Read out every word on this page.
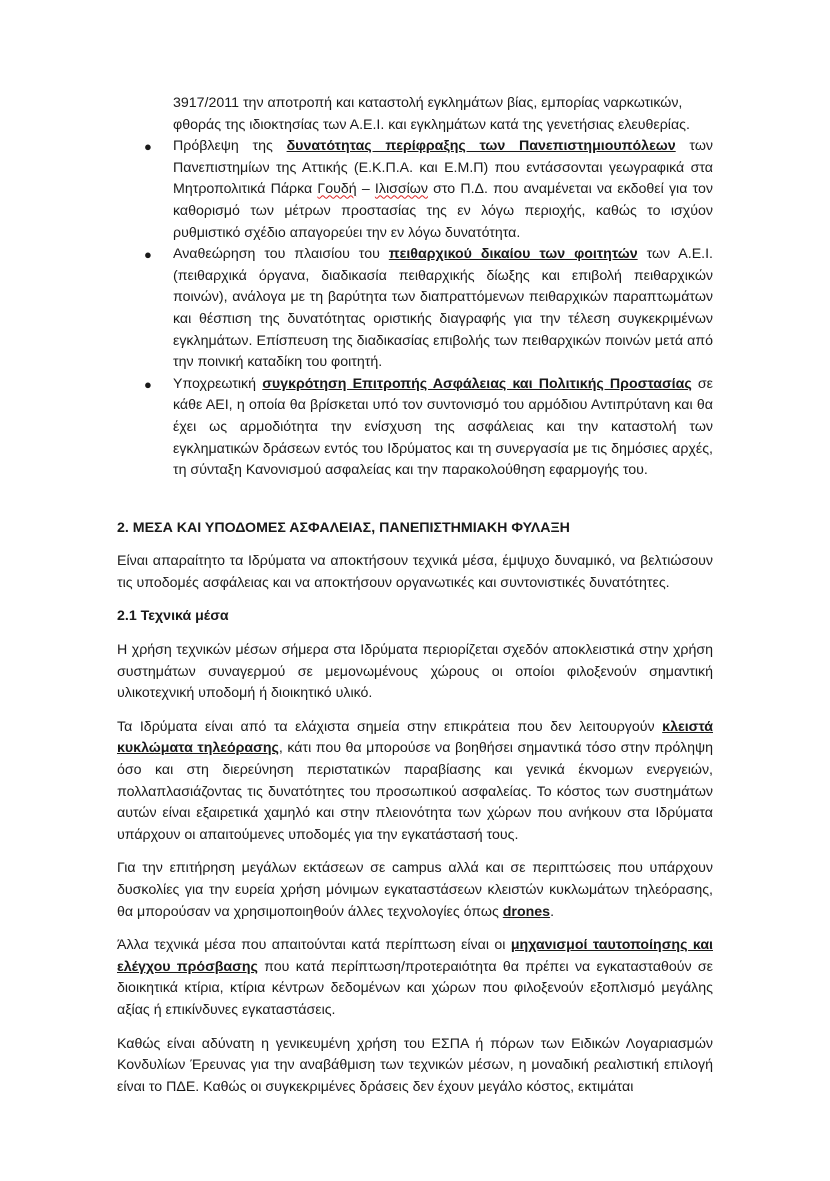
3917/2011 την αποτροπή και καταστολή εγκλημάτων βίας, εμπορίας ναρκωτικών,
φθοράς της ιδιοκτησίας των Α.Ε.Ι. και εγκλημάτων κατά της γενετήσιας ελευθερίας.

● Πρόβλεψη της δυνατότητας περίφραξης των Πανεπιστημιουπόλεων των Πανεπιστημίων της Αττικής (Ε.Κ.Π.Α. και Ε.Μ.Π) που εντάσσονται γεωγραφικά στα Μητροπολιτικά Πάρκα Γουδή – Ιλισσίων στο Π.Δ. που αναμένεται να εκδοθεί για τον καθορισμό των μέτρων προστασίας της εν λόγω περιοχής, καθώς το ισχύον ρυθμιστικό σχέδιο απαγορεύει την εν λόγω δυνατότητα.
● Αναθεώρηση του πλαισίου του πειθαρχικού δικαίου των φοιτητών των Α.Ε.Ι. (πειθαρχικά όργανα, διαδικασία πειθαρχικής δίωξης και επιβολή πειθαρχικών ποινών), ανάλογα με τη βαρύτητα των διαπραττόμενων πειθαρχικών παραπτωμάτων και θέσπιση της δυνατότητας οριστικής διαγραφής για την τέλεση συγκεκριμένων εγκλημάτων. Επίσπευση της διαδικασίας επιβολής των πειθαρχικών ποινών μετά από την ποινική καταδίκη του φοιτητή.
● Υποχρεωτική συγκρότηση Επιτροπής Ασφάλειας και Πολιτικής Προστασίας σε κάθε ΑΕΙ, η οποία θα βρίσκεται υπό τον συντονισμό του αρμόδιου Αντιπρύτανη και θα έχει ως αρμοδιότητα την ενίσχυση της ασφάλειας και την καταστολή των εγκληματικών δράσεων εντός του Ιδρύματος και τη συνεργασία με τις δημόσιες αρχές, τη σύνταξη Κανονισμού ασφαλείας και την παρακολούθηση εφαρμογής του.
2. ΜΕΣΑ ΚΑΙ ΥΠΟΔΟΜΕΣ ΑΣΦΑΛΕΙΑΣ, ΠΑΝΕΠΙΣΤΗΜΙΑΚΗ ΦΥΛΑΞΗ

Είναι απαραίτητο τα Ιδρύματα να αποκτήσουν τεχνικά μέσα, έμψυχο δυναμικό, να βελτιώσουν τις υποδομές ασφάλειας και να αποκτήσουν οργανωτικές και συντονιστικές δυνατότητες.

2.1 Τεχνικά μέσα

Η χρήση τεχνικών μέσων σήμερα στα Ιδρύματα περιορίζεται σχεδόν αποκλειστικά στην χρήση συστημάτων συναγερμού σε μεμονωμένους χώρους οι οποίοι φιλοξενούν σημαντική υλικοτεχνική υποδομή ή διοικητικό υλικό.

Τα Ιδρύματα είναι από τα ελάχιστα σημεία στην επικράτεια που δεν λειτουργούν κλειστά κυκλώματα τηλεόρασης, κάτι που θα μπορούσε να βοηθήσει σημαντικά τόσο στην πρόληψη όσο και στη διερεύνηση περιστατικών παραβίασης και γενικά έκνομων ενεργειών, πολλαπλασιάζοντας τις δυνατότητες του προσωπικού ασφαλείας. Το κόστος των συστημάτων αυτών είναι εξαιρετικά χαμηλό και στην πλειονότητα των χώρων που ανήκουν στα Ιδρύματα υπάρχουν οι απαιτούμενες υποδομές για την εγκατάστασή τους.

Για την επιτήρηση μεγάλων εκτάσεων σε campus αλλά και σε περιπτώσεις που υπάρχουν δυσκολίες για την ευρεία χρήση μόνιμων εγκαταστάσεων κλειστών κυκλωμάτων τηλεόρασης, θα μπορούσαν να χρησιμοποιηθούν άλλες τεχνολογίες όπως drones.

Άλλα τεχνικά μέσα που απαιτούνται κατά περίπτωση είναι οι μηχανισμοί ταυτοποίησης και ελέγχου πρόσβασης που κατά περίπτωση/προτεραιότητα θα πρέπει να εγκατασταθούν σε διοικητικά κτίρια, κτίρια κέντρων δεδομένων και χώρων που φιλοξενούν εξοπλισμό μεγάλης αξίας ή επικίνδυνες εγκαταστάσεις.

Καθώς είναι αδύνατη η γενικευμένη χρήση του ΕΣΠΑ ή πόρων των Ειδικών Λογαριασμών Κονδυλίων Έρευνας για την αναβάθμιση των τεχνικών μέσων, η μοναδική ρεαλιστική επιλογή είναι το ΠΔΕ. Καθώς οι συγκεκριμένες δράσεις δεν έχουν μεγάλο κόστος, εκτιμάται
